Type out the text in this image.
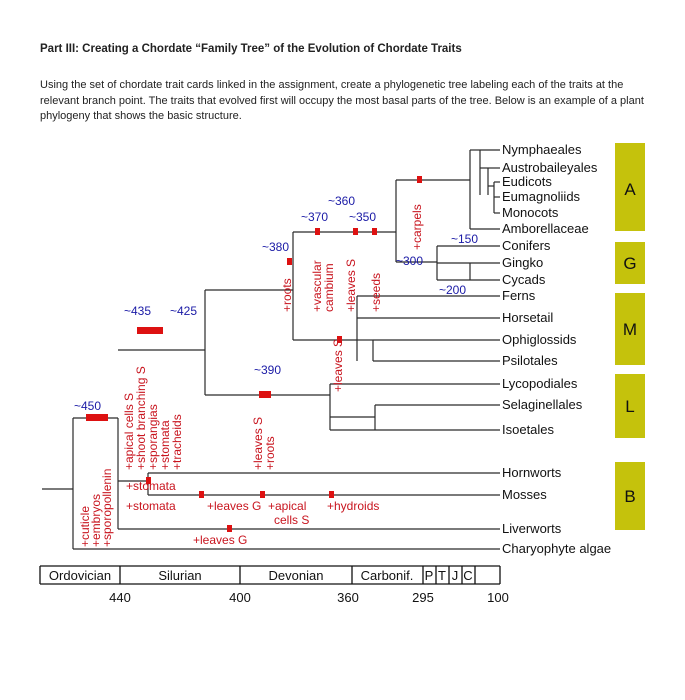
Part III: Creating a Chordate “Family Tree” of the Evolution of Chordate Traits

Using the set of chordate trait cards linked in the assignment, create a phylogenetic tree labeling each of the traits at the relevant branch point. The traits that evolved first will occupy the most basal parts of the tree. Below is an example of a plant phylogeny that shows the basic structure.

~450
~435 ~425
~390
~380
~370
~360
~350
~300
~200
~150
+cuticle
+embryos
+sporopollenin
+apical cells S
+shoot branching S
+sporangias
+stomata
+tracheids	+leaves S
+roots
+leaves S
+roots +vascular
cambium +leaves S +seeds
+carpels
+stomata
+stomata	+leaves G +apical
cells S
+hydroids
+leaves G
Nymphaeales
Austrobaileyales
Eudicots
Eumagnoliids
Monocots
Amborellaceae
Conifers
Gingko
Cycads
Ferns
Horsetail
Ophiglossids
Psilotales
Lycopodiales
Selaginellales
Isoetales
Hornworts
Mosses
Liverworts
Charyophyte algae
A
G
M
L
B
Ordovician	Silurian	Devonian	Carbonif. P T J C
440	400	360	295	100
